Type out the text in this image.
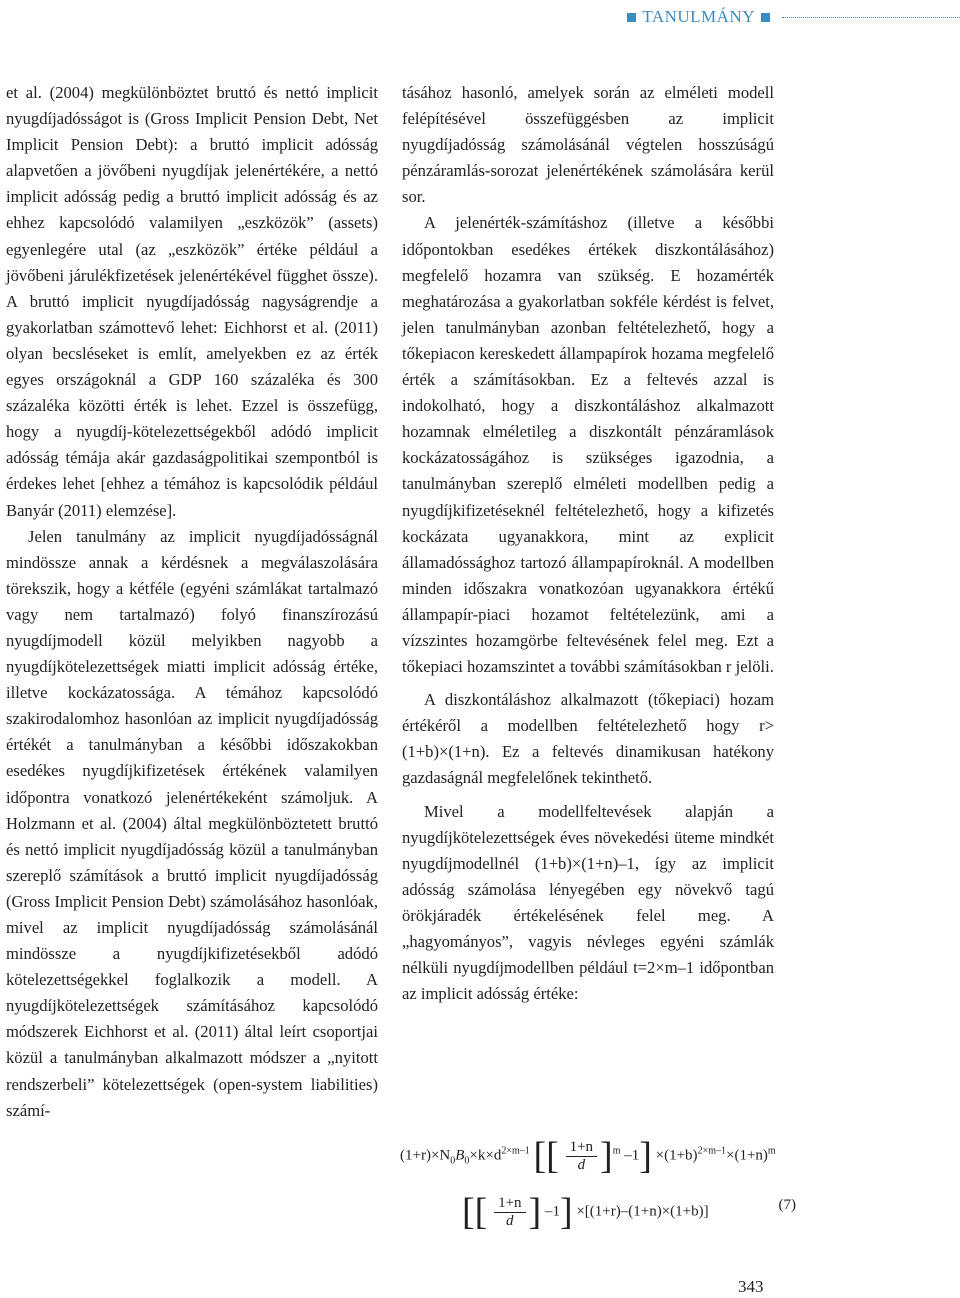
TANULMÁNY

et al. (2004) megkülönböztet bruttó és nettó implicit nyugdíjadósságot is (Gross Implicit Pension Debt, Net Implicit Pension Debt): a bruttó implicit adósság alapvetően a jövőbeni nyugdíjak jelenértékére, a nettó implicit adósság pedig a bruttó implicit adósság és az ehhez kapcsolódó valamilyen „eszközök” (assets) egyenlegére utal (az „eszközök” értéke például a jövőbeni járulékfizetések jelenértékével függhet össze). A bruttó implicit nyugdíjadósság nagyságrendje a gyakorlatban számottevő lehet: Eichhorst et al. (2011) olyan becsléseket is említ, amelyekben ez az érték egyes országoknál a GDP 160 százaléka és 300 százaléka közötti érték is lehet. Ezzel is összefügg, hogy a nyugdíj-kötelezettségekből adódó implicit adósság témája akár gazdaságpolitikai szempontból is érdekes lehet [ehhez a témához is kapcsolódik például Banyár (2011) elemzése].

Jelen tanulmány az implicit nyugdíjadósságnál mindössze annak a kérdésnek a megválaszolására törekszik, hogy a kétféle (egyéni számlákat tartalmazó vagy nem tartalmazó) folyó finanszírozású nyugdíjmodell közül melyikben nagyobb a nyugdíjkötelezettségek miatti implicit adósság értéke, illetve kockázatossága. A témához kapcsolódó szakirodalomhoz hasonlóan az implicit nyugdíjadósság értékét a tanulmányban a későbbi időszakokban esedékes nyugdíjkifizetések értékének valamilyen időpontra vonatkozó jelenértékeként számoljuk. A Holzmann et al. (2004) által megkülönböztetett bruttó és nettó implicit nyugdíjadósság közül a tanulmányban szereplő számítások a bruttó implicit nyugdíjadósság (Gross Implicit Pension Debt) számolásához hasonlóak, mivel az implicit nyugdíjadósság számolásánál mindössze a nyugdíjkifizetésekből adódó kötelezettségekkel foglalkozik a modell. A nyugdíjkötelezettségek számításához kapcsolódó módszerek Eichhorst et al. (2011) által leírt csoportjai közül a tanulmányban alkalmazott módszer a „nyitott rendszerbeli” kötelezettségek (open-system liabilities) számí-

tásához hasonló, amelyek során az elméleti modell felépítésével összefüggésben az implicit nyugdíjadósság számolásánál végtelen hosszúságú pénzáramlás-sorozat jelenértékének számolására kerül sor.

A jelenérték-számításhoz (illetve a későbbi időpontokban esedékes értékek diszkontálásához) megfelelő hozamra van szükség. E hozamérték meghatározása a gyakorlatban sokféle kérdést is felvet, jelen tanulmányban azonban feltételezhető, hogy a tőkepiacon kereskedett állampapírok hozama megfelelő érték a számításokban. Ez a feltevés azzal is indokolható, hogy a diszkontáláshoz alkalmazott hozamnak elméletileg a diszkontált pénzáramlások kockázatosságához is szükséges igazodnia, a tanulmányban szereplő elméleti modellben pedig a nyugdíjkifizetéseknél feltételezhető, hogy a kifizetés kockázata ugyanakkora, mint az explicit államadóssághoz tartozó állampapíroknál. A modellben minden időszakra vonatkozóan ugyanakkora értékű állampapír-piaci hozamot feltételezünk, ami a vízszintes hozamgörbe feltevésének felel meg. Ezt a tőkepiaci hozamszintet a további számításokban r jelöli.

A diszkontáláshoz alkalmazott (tőkepiaci) hozam értékéről a modellben feltételezhető hogy r>(1+b)×(1+n). Ez a feltevés dinamikusan hatékony gazdaságnál megfelelőnek tekinthető.

Mivel a modellfeltevések alapján a nyugdíjkötelezettségek éves növekedési üteme mindkét nyugdíjmodellnél (1+b)×(1+n)–1, így az implicit adósság számolása lényegében egy növekvő tagú örökjáradék értékelésének felel meg. A „hagyományos”, vagyis névleges egyéni számlák nélküli nyugdíjmodellben például t=2×m–1 időpontban az implicit adósság értéke:

$(1+r)\times N_0B_0\times k\times d^{2\times m-1}$ [[ $\frac{1+n}{d} ]^m$ $-1] \times(1+b)^{2\times m-1}\times(1+n)^m$
[[ $\frac{1+n}{d}$ ] –1] ×[(1+r)–(1+n)×(1+b)]	(7)
343
